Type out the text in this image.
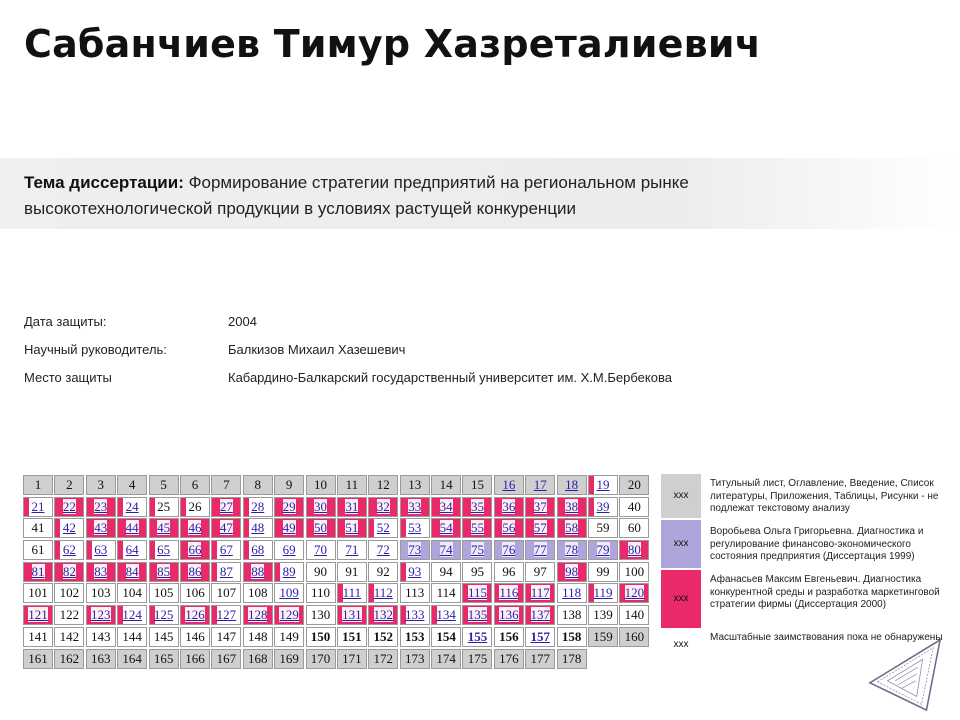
Сабанчиев Тимур Хазреталиевич
Тема диссертации: Формирование стратегии предприятий на региональном рынке высокотехнологической продукции в условиях растущей конкуренции
Дата защиты:	2004
Научный руководитель:	Балкизов Михаил Хазешевич
Место защиты	Кабардино-Балкарский государственный университет им. Х.М.Бербекова
1	2	3	4	5	6	7	8	9	10	11	12	13	14	15	16	17	18	19	20
21	22	23	24	25	26	27	28	29	30	31	32	33	34	35	36	37	38	39	40
41	42	43	44	45	46	47	48	49	50	51	52	53	54	55	56	57	58	59	60
61	62	63	64	65	66	67	68	69	70	71	72	73	74	75	76	77	78	79	80
81	82	83	84	85	86	87	88	89	90	91	92	93	94	95	96	97	98	99	100
101 102 103 104 105 106 107 108 109 110 111 112 113 114 115 116 117 118 119 120
121 122 123 124 125 126 127 128 129 130 131 132 133 134 135 136 137 138 139 140
141 142 143 144 145 146 147 148 149 150 151 152 153 154 155 156 157 158 159 160
161 162 163 164 165 166 167 168 169 170 171 172 173 174 175 176 177 178
ххх
Титульный лист, Оглавление, Введение, Список литературы, Приложения, Таблицы, Рисунки - не подлежат текстовому анализу
ххх
Воробьева Ольга Григорьевна. Диагностика и регулирование финансово-экономического состояния предприятия (Диссертация 1999)
ххх
Афанасьев Максим Евгеньевич. Диагностика конкурентной среды и разработка маркетинговой стратегии фирмы (Диссертация 2000)
ххх
Масштабные заимствования пока не обнаружены
